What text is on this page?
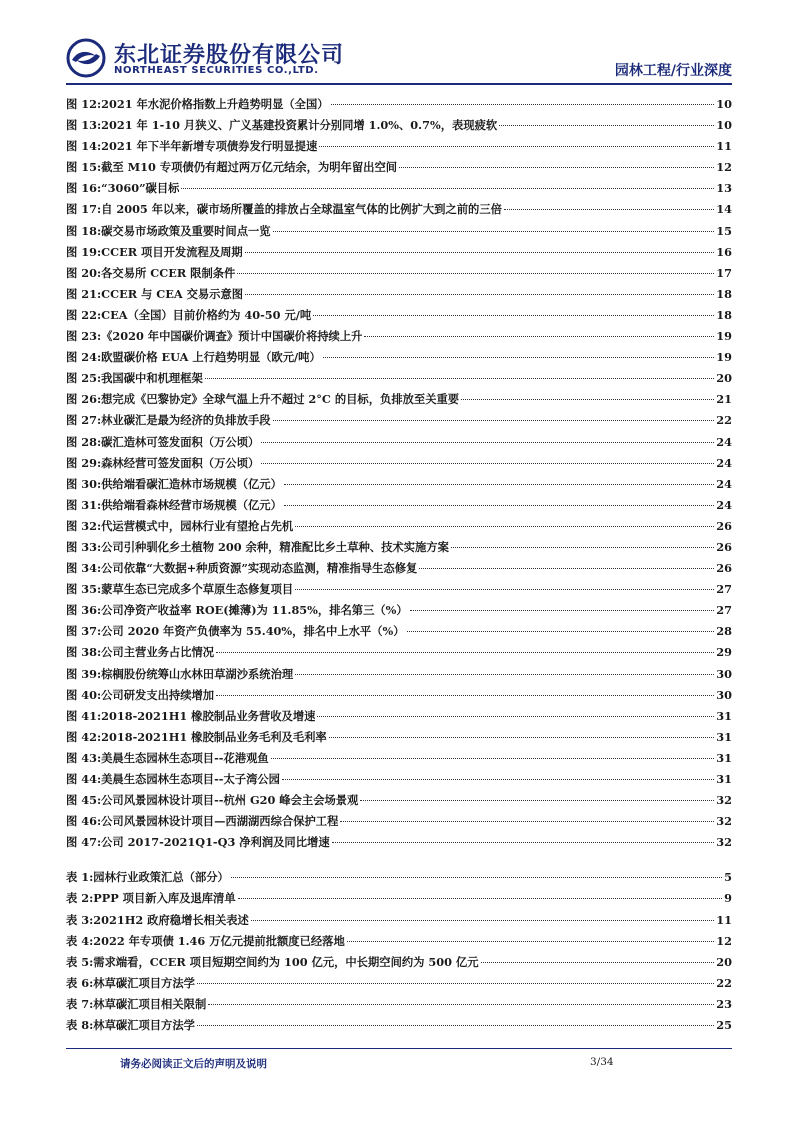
东北证券股份有限公司
NORTHEAST SECURITIES CO.,LTD.	园林工程/行业深度
图 12: 2021 年水泥价格指数上升趋势明显（全国）	10
图 13: 2021 年 1-10 月狭义、广义基建投资累计分别同增 1.0%、0.7%，表现疲软	10
图 14: 2021 年下半年新增专项债券发行明显提速	11
图 15: 截至 M10 专项债仍有超过两万亿元结余，为明年留出空间	12
图 16: “3060”碳目标	13
图 17: 自 2005 年以来，碳市场所覆盖的排放占全球温室气体的比例扩大到之前的三倍	14
图 18: 碳交易市场政策及重要时间点一览	15
图 19: CCER 项目开发流程及周期	16
图 20: 各交易所 CCER 限制条件	17
图 21: CCER 与 CEA 交易示意图	18
图 22: CEA（全国）目前价格约为 40-50 元/吨	18
图 23: 《2020 年中国碳价调查》预计中国碳价将持续上升	19
图 24: 欧盟碳价格 EUA 上行趋势明显（欧元/吨）	19
图 25: 我国碳中和机理框架	20
图 26: 想完成《巴黎协定》全球气温上升不超过 2°C 的目标，负排放至关重要	21
图 27: 林业碳汇是最为经济的负排放手段	22
图 28: 碳汇造林可签发面积（万公顷）	24
图 29: 森林经营可签发面积（万公顷）	24
图 30: 供给端看碳汇造林市场规模（亿元）	24
图 31: 供给端看森林经营市场规模（亿元）	24
图 32: 代运营模式中，园林行业有望抢占先机	26
图 33: 公司引种驯化乡土植物 200 余种，精准配比乡土草种、技术实施方案	26
图 34: 公司依靠“大数据+种质资源”实现动态监测，精准指导生态修复	26
图 35: 蒙草生态已完成多个草原生态修复项目	27
图 36: 公司净资产收益率 ROE(摊薄)为 11.85%，排名第三（%）	27
图 37: 公司 2020 年资产负债率为 55.40%，排名中上水平（%）	28
图 38: 公司主营业务占比情况	29
图 39: 棕榈股份统筹山水林田草湖沙系统治理	30
图 40: 公司研发支出持续增加	30
图 41: 2018-2021H1 橡胶制品业务营收及增速	31
图 42: 2018-2021H1 橡胶制品业务毛利及毛利率	31
图 43: 美晨生态园林生态项目--花港观鱼	31
图 44: 美晨生态园林生态项目--太子湾公园	31
图 45: 公司风景园林设计项目--杭州 G20 峰会主会场景观	32
图 46: 公司风景园林设计项目—西湖湖西综合保护工程	32
图 47: 公司 2017-2021Q1-Q3 净利润及同比增速	32
表 1: 园林行业政策汇总（部分）	5
表 2: PPP 项目新入库及退库清单	9
表 3: 2021H2 政府稳增长相关表述	11
表 4: 2022 年专项债 1.46 万亿元提前批额度已经落地	12
表 5: 需求端看，CCER 项目短期空间约为 100 亿元，中长期空间约为 500 亿元	20
表 6: 林草碳汇项目方法学	22
表 7: 林草碳汇项目相关限制	23
表 8: 林草碳汇项目方法学	25
请务必阅读正文后的声明及说明	3/34
